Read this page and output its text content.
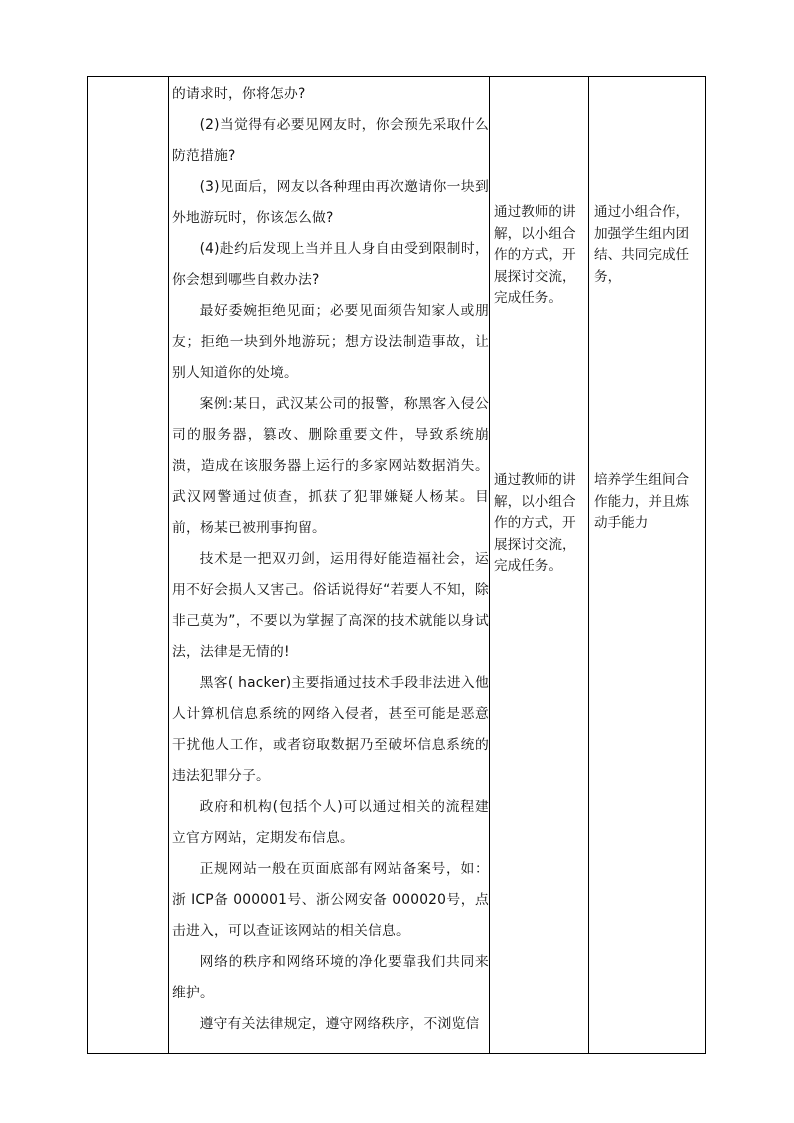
的请求时，你将怎办?

(2)当觉得有必要见网友时，你会预先采取什么防范措施?

(3)见面后，网友以各种理由再次邀请你一块到外地游玩时，你该怎么做?

(4)赴约后发现上当并且人身自由受到限制时，你会想到哪些自救办法?

最好委婉拒绝见面；必要见面须告知家人或朋友；拒绝一块到外地游玩；想方设法制造事故，让别人知道你的处境。

案例:某日，武汉某公司的报警，称黑客入侵公司的服务器，篡改、删除重要文件，导致系统崩溃，造成在该服务器上运行的多家网站数据消失。武汉网警通过侦查，抓获了犯罪嫌疑人杨某。目前，杨某已被刑事拘留。

技术是一把双刃剑，运用得好能造福社会，运用不好会损人又害己。俗话说得好“若要人不知，除非己莫为”，不要以为掌握了高深的技术就能以身试法，法律是无情的!

黑客( hacker)主要指通过技术手段非法进入他人计算机信息系统的网络入侵者，甚至可能是恶意干扰他人工作，或者窃取数据乃至破坏信息系统的违法犯罪分子。

政府和机构(包括个人)可以通过相关的流程建立官方网站，定期发布信息。

正规网站一般在页面底部有网站备案号，如：浙 ICP备 000001号、浙公网安备 000020号，点击进入，可以查证该网站的相关信息。

网络的秩序和网络环境的净化要靠我们共同来维护。

遵守有关法律规定，遵守网络秩序，不浏览信

通过教师的讲解，以小组合作的方式，开展探讨交流，完成任务。

通过教师的讲解，以小组合作的方式，开展探讨交流，完成任务。

通过小组合作，加强学生组内团结、共同完成任务，

培养学生组间合作能力，并且炼动手能力
